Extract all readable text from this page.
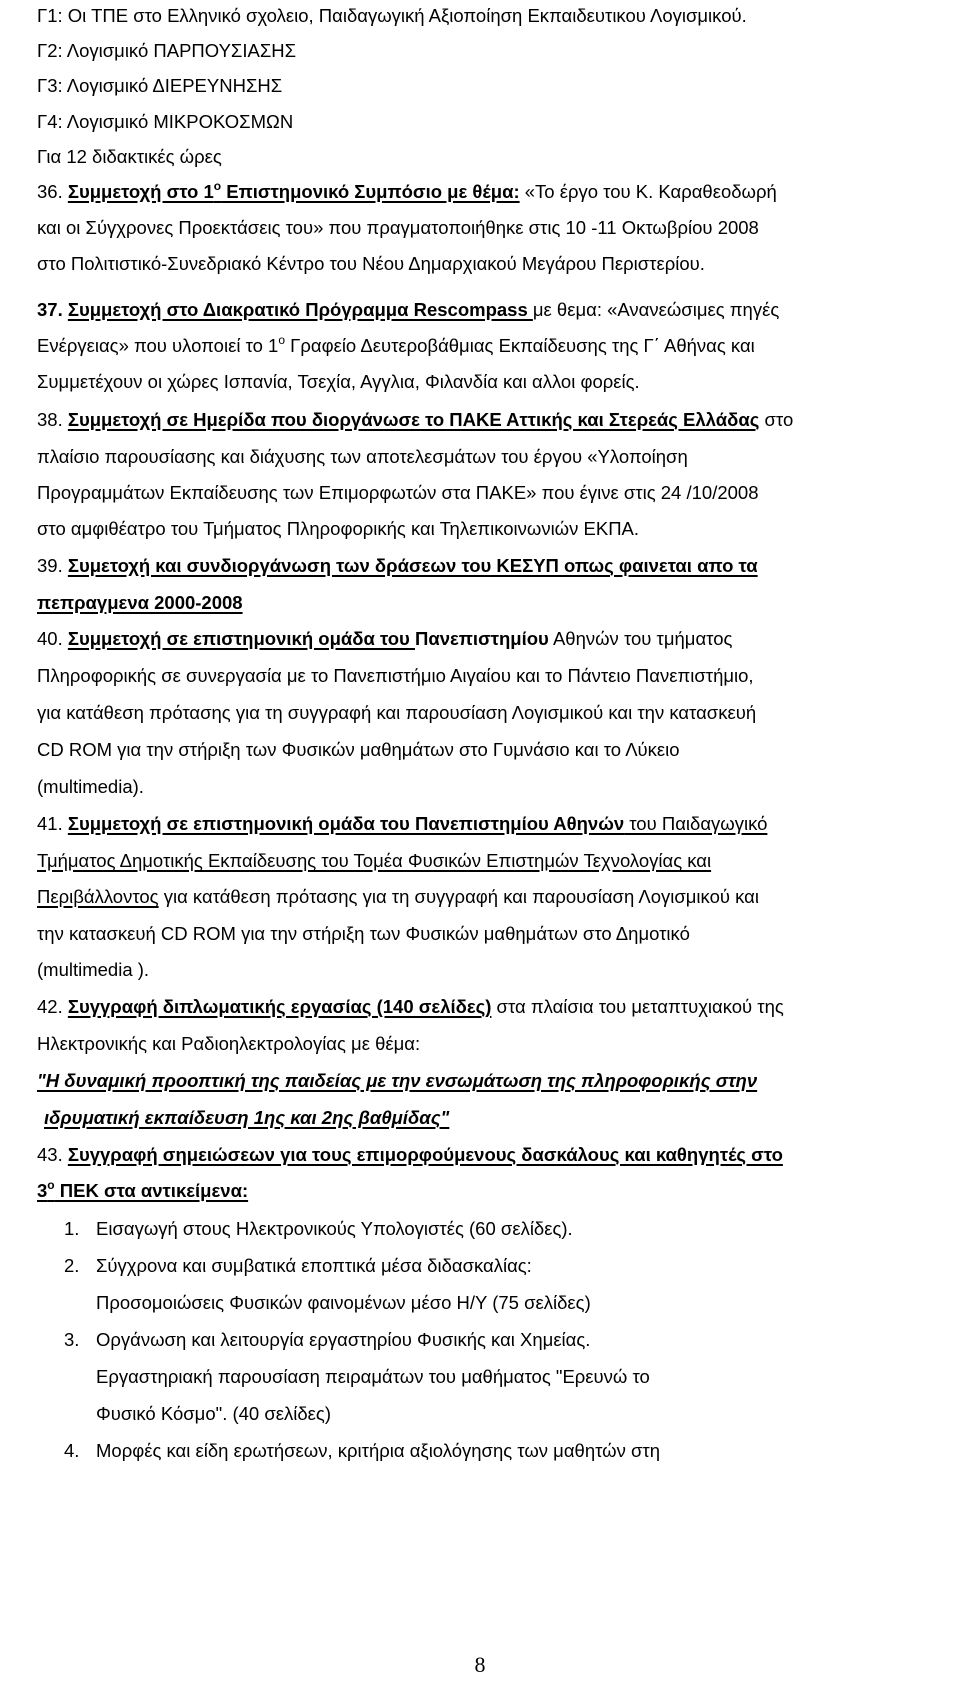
Γ1: Οι ΤΠΕ στο Ελληνικό σχολειο, Παιδαγωγική Αξιοποίηση Εκπαιδευτικου Λογισμικού.
Γ2: Λογισμικό ΠΑΡΠΟΥΣΙΑΣΗΣ
Γ3: Λογισμικό ΔΙΕΡΕΥΝΗΣΗΣ
Γ4: Λογισμικό ΜΙΚΡΟΚΟΣΜΩΝ
Για 12 διδακτικές ώρες
36. Συμμετοχή στο $1^o$ Επιστημονικό Συμπόσιο με θέμα: «Το έργο του Κ. Καραθεοδωρή
και οι Σύγχρονες Προεκτάσεις του» που πραγματοποιήθηκε στις 10 -11 Οκτωβρίου 2008
στο Πολιτιστικό-Συνεδριακό Κέντρο του Νέου Δημαρχιακού Μεγάρου Περιστερίου.
37. Συμμετοχή στο Διακρατικό Πρόγραμμα Rescompass με θεμα: «Ανανεώσιμες πηγές
Ενέργειας» που υλοποιεί το $1^o$ Γραφείο Δευτεροβάθμιας Εκπαίδευσης της Γ΄ Αθήνας και
Συμμετέχουν οι χώρες Ισπανία, Τσεχία, Αγγλια, Φιλανδία και αλλοι φορείς.
38. Συμμετοχή σε Ημερίδα που διοργάνωσε το ΠΑΚΕ Αττικής και Στερεάς Ελλάδας στο
πλαίσιο παρουσίασης και διάχυσης των αποτελεσμάτων του έργου «Υλοποίηση
Προγραμμάτων Εκπαίδευσης των Επιμορφωτών στα ΠΑΚΕ» που έγινε στις 24 /10/2008
στο αμφιθέατρο του Τμήματος Πληροφορικής και Τηλεπικοινωνιών ΕΚΠΑ.
39. Συμετοχή και συνδιοργάνωση των δράσεων του ΚΕΣΥΠ οπως φαινεται απο τα
πεπραγμενα 2000-2008
40. Συμμετοχή σε επιστημονική ομάδα του Πανεπιστημίου Αθηνών του τμήματος
Πληροφορικής σε συνεργασία με το Πανεπιστήμιο Αιγαίου και το Πάντειο Πανεπιστήμιο,
για κατάθεση πρότασης για τη συγγραφή και παρουσίαση Λογισμικού και την κατασκευή
CD ROM για την στήριξη των Φυσικών μαθημάτων στο Γυμνάσιο και το Λύκειο
(multimedia).
41. Συμμετοχή σε επιστημονική ομάδα του Πανεπιστημίου Αθηνών του Παιδαγωγικό
Τμήματος Δημοτικής Εκπαίδευσης του Τομέα Φυσικών Επιστημών Τεχνολογίας και
Περιβάλλοντος για κατάθεση πρότασης για τη συγγραφή και παρουσίαση Λογισμικού και
την κατασκευή CD ROM για την στήριξη των Φυσικών μαθημάτων στο Δημοτικό
(multimedia ).
42. Συγγραφή διπλωματικής εργασίας (140 σελίδες) στα πλαίσια του μεταπτυχιακού της
Ηλεκτρονικής και Ραδιοηλεκτρολογίας με θέμα:
"Η δυναμική προοπτική της παιδείας με την ενσωμάτωση της πληροφορικής στην
ιδρυματική εκπαίδευση 1ης και 2ης βαθμίδας"
43. Συγγραφή σημειώσεων για τους επιμορφούμενους δασκάλους και καθηγητές στο
$3^o$ ΠΕΚ στα αντικείμενα:
1. Εισαγωγή στους Ηλεκτρονικούς Υπολογιστές (60 σελίδες).
2. Σύγχρονα και συμβατικά εποπτικά μέσα διδασκαλίας:
Προσομοιώσεις Φυσικών φαινομένων μέσο Η/Υ (75 σελίδες)
3. Οργάνωση και λειτουργία εργαστηρίου Φυσικής και Χημείας.
Εργαστηριακή παρουσίαση πειραμάτων του μαθήματος "Ερευνώ το
Φυσικό Κόσμο". (40 σελίδες)
4. Μορφές και είδη ερωτήσεων, κριτήρια αξιολόγησης των μαθητών στη
8
